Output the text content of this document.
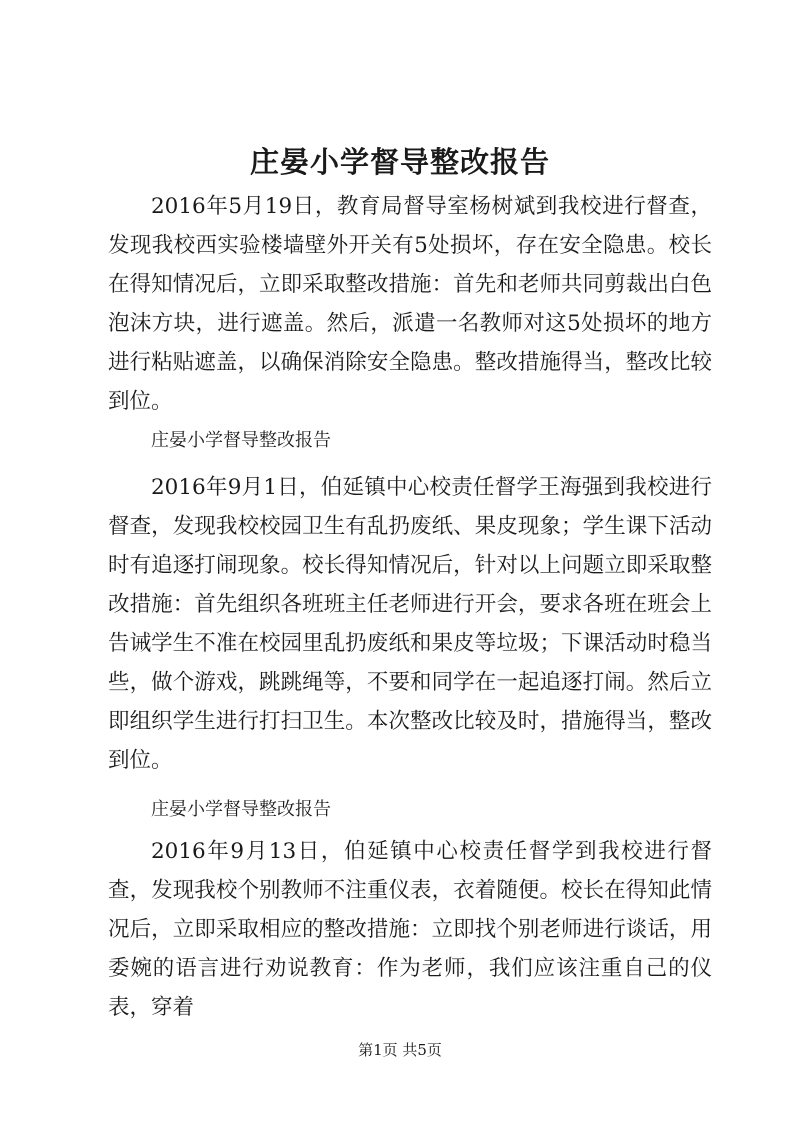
庄晏小学督导整改报告

2016年5月19日，教育局督导室杨树斌到我校进行督查，发现我校西实验楼墙壁外开关有5处损坏，存在安全隐患。校长在得知情况后，立即采取整改措施：首先和老师共同剪裁出白色泡沫方块，进行遮盖。然后，派遣一名教师对这5处损坏的地方进行粘贴遮盖，以确保消除安全隐患。整改措施得当，整改比较到位。

庄晏小学督导整改报告

2016年9月1日，伯延镇中心校责任督学王海强到我校进行督查，发现我校校园卫生有乱扔废纸、果皮现象；学生课下活动时有追逐打闹现象。校长得知情况后，针对以上问题立即采取整改措施：首先组织各班班主任老师进行开会，要求各班在班会上告诫学生不准在校园里乱扔废纸和果皮等垃圾；下课活动时稳当些，做个游戏，跳跳绳等，不要和同学在一起追逐打闹。然后立即组织学生进行打扫卫生。本次整改比较及时，措施得当，整改到位。

庄晏小学督导整改报告

2016年9月13日，伯延镇中心校责任督学到我校进行督查，发现我校个别教师不注重仪表，衣着随便。校长在得知此情况后，立即采取相应的整改措施：立即找个别老师进行谈话，用委婉的语言进行劝说教育：作为老师，我们应该注重自己的仪表，穿着

第1页 共5页
